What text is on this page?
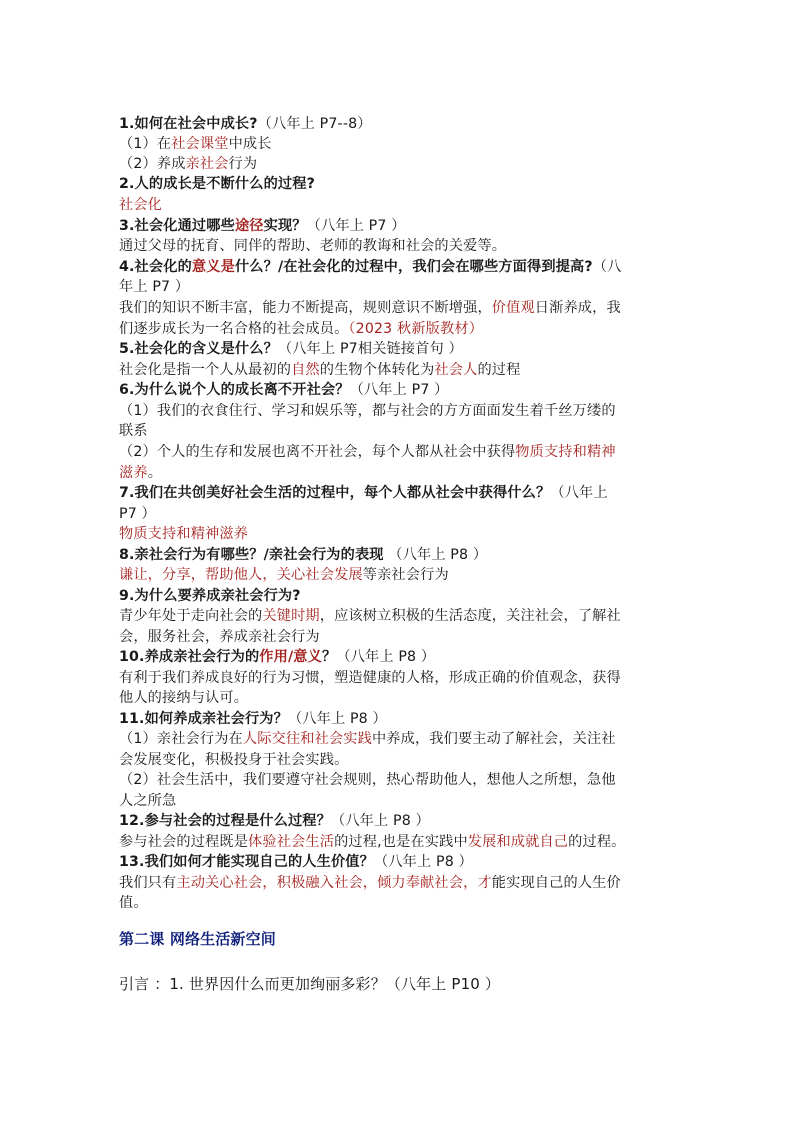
1.如何在社会中成长?（八年上 P7--8）
（1）在社会课堂中成长
（2）养成亲社会行为
2.人的成长是不断什么的过程?
社会化
3.社会化通过哪些途径实现？（八年上 P7 ）
通过父母的抚育、同伴的帮助、老师的教诲和社会的关爱等。
4.社会化的意义是什么？/在社会化的过程中，我们会在哪些方面得到提高?（八
年上 P7 ）
我们的知识不断丰富，能力不断提高，规则意识不断增强，价值观日渐养成，我
们逐步成长为一名合格的社会成员。（2023 秋新版教材）
5.社会化的含义是什么？（八年上 P7相关链接首句 ）
社会化是指一个人从最初的自然的生物个体转化为社会人的过程
6.为什么说个人的成长离不开社会？（八年上 P7 ）
（1）我们的衣食住行、学习和娱乐等，都与社会的方方面面发生着千丝万缕的
联系
（2）个人的生存和发展也离不开社会，每个人都从社会中获得物质支持和精神
滋养。
7.我们在共创美好社会生活的过程中，每个人都从社会中获得什么？（八年上
P7 ）
物质支持和精神滋养
8.亲社会行为有哪些？/亲社会行为的表现 （八年上 P8 ）
谦让，分享，帮助他人，关心社会发展等亲社会行为
9.为什么要养成亲社会行为?
青少年处于走向社会的关键时期，应该树立积极的生活态度，关注社会，了解社
会，服务社会，养成亲社会行为
10.养成亲社会行为的作用/意义？（八年上 P8 ）
有利于我们养成良好的行为习惯，塑造健康的人格，形成正确的价值观念，获得
他人的接纳与认可。
11.如何养成亲社会行为？（八年上 P8 ）
（1）亲社会行为在人际交往和社会实践中养成，我们要主动了解社会，关注社
会发展变化，积极投身于社会实践。
（2）社会生活中，我们要遵守社会规则，热心帮助他人，想他人之所想，急他
人之所急
12.参与社会的过程是什么过程？（八年上 P8 ）
参与社会的过程既是体验社会生活的过程,也是在实践中发展和成就自己的过程。
13.我们如何才能实现自己的人生价值？（八年上 P8 ）
我们只有主动关心社会，积极融入社会，倾力奉献社会，才能实现自己的人生价
值。
第二课 网络生活新空间
引言 ：1. 世界因什么而更加绚丽多彩？（八年上 P10 ）
